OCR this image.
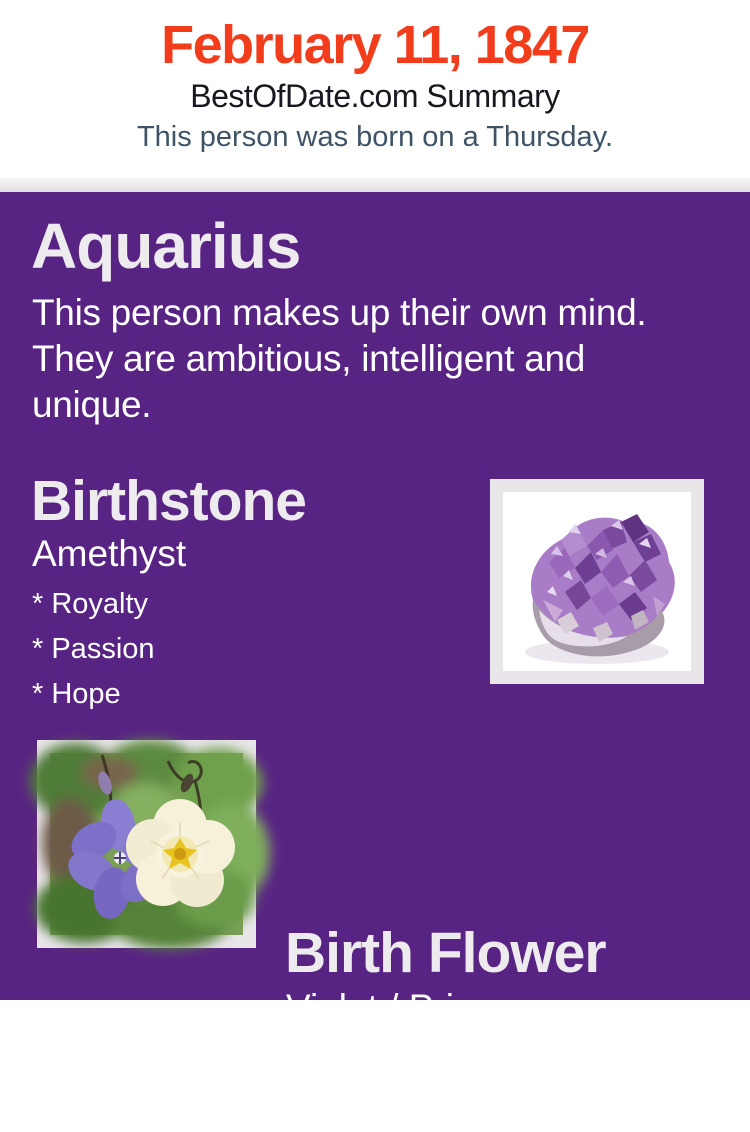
February 11, 1847

BestOfDate.com Summary

This person was born on a Thursday.

Aquarius

This person makes up their own mind. They are ambitious, intelligent and unique.

Birthstone

Amethyst

* Royalty
* Passion
* Hope
Birth Flower

Violet / Primrose

* Modesty
* Faithfulness
